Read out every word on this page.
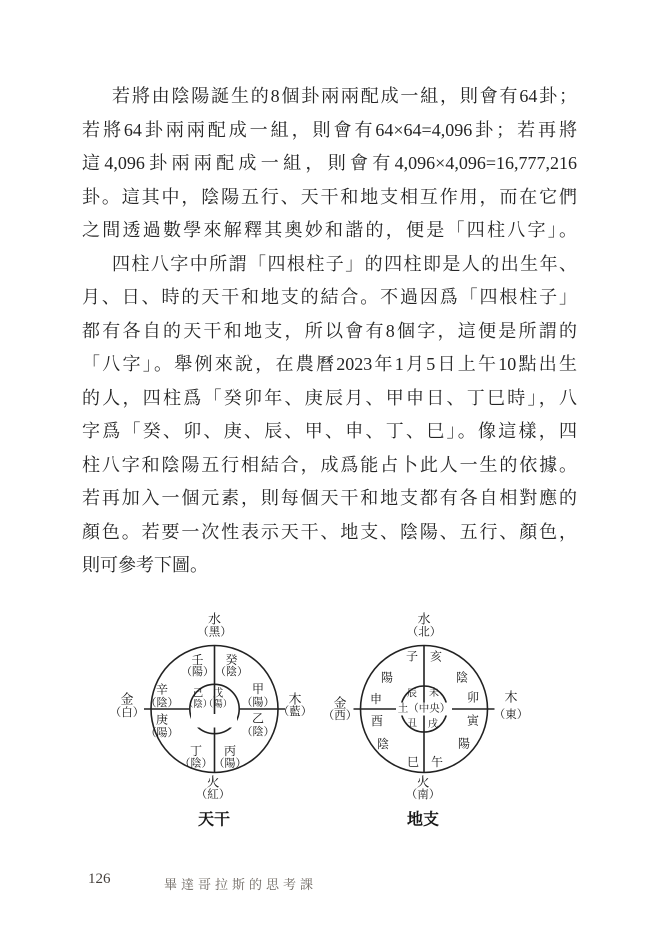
若將由陰陽誕生的8個卦兩兩配成一組，則會有64卦；
若將64卦兩兩配成一組，則會有64×64=4,096卦；若再將
這4,096卦兩兩配成一組，則會有4,096×4,096=16,777,216
卦。這其中，陰陽五行、天干和地支相互作用，而在它們
之間透過數學來解釋其奧妙和諧的，便是「四柱八字」。
四柱八字中所謂「四根柱子」的四柱即是人的出生年、
月、日、時的天干和地支的結合。不過因爲「四根柱子」
都有各自的天干和地支，所以會有8個字，這便是所謂的
「八字」。舉例來說，在農曆2023年1月5日上午10點出生
的人，四柱爲「癸卯年、庚辰月、甲申日、丁巳時」，八
字爲「癸、卯、庚、辰、甲、申、丁、巳」。像這樣，四
柱八字和陰陽五行相結合，成爲能占卜此人一生的依據。
若再加入一個元素，則每個天干和地支都有各自相對應的
顏色。若要一次性表示天干、地支、陰陽、五行、顏色，
則可參考下圖。
水
（黑）
金
（白）
木
（藍）
火
（紅）
壬
（陽）
癸
（陰）
辛
（陰）
庚
（陽）
甲
（陽）
乙
（陰）
丁
（陰）
丙
（陽）
己 戊
（陰）
（陽）
天干
水
（北）
金
（西）
木
（東）
火
（南）
子 亥
陽	陰
申
酉
卯
寅
陰	陽
巳 午
辰 未
土（中央）
丑 戌
地支
126	畢達哥拉斯的思考課
